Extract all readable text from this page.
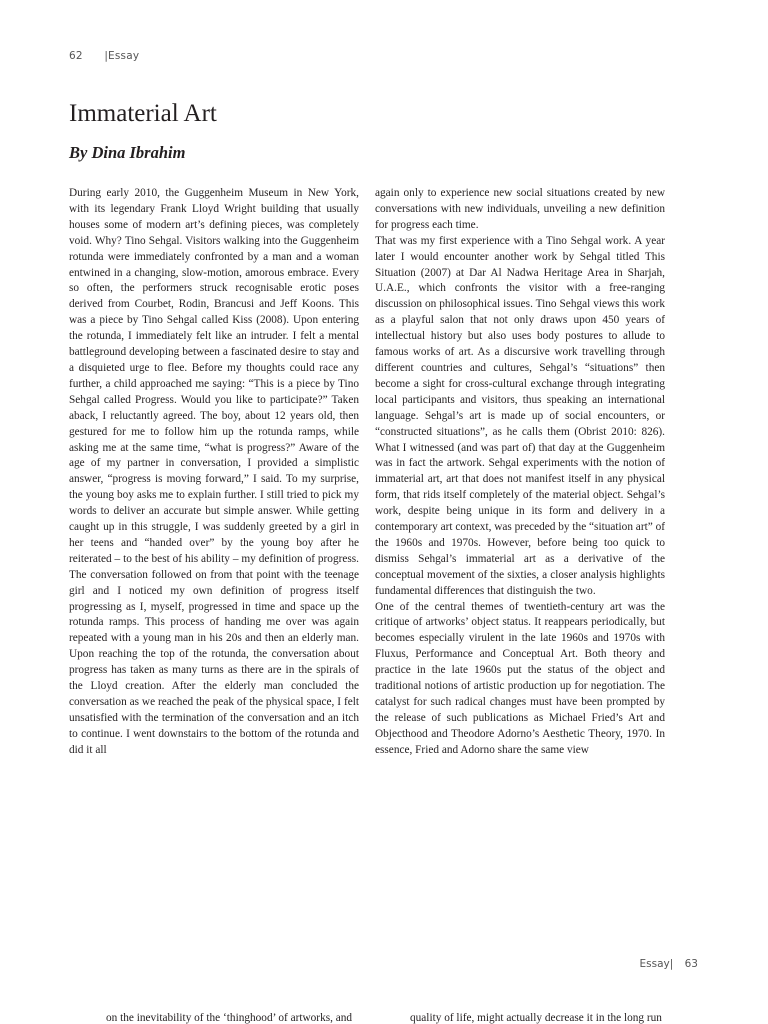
62 |Essay
Immaterial Art
By Dina Ibrahim

During early 2010, the Guggenheim Museum in New York, with its legendary Frank Lloyd Wright building that usually houses some of modern art’s defining pieces, was completely void. Why? Tino Sehgal. Visitors walking into the Guggenheim rotunda were immediately confronted by a man and a woman entwined in a changing, slow-motion, amorous embrace. Every so often, the performers struck recognisable erotic poses derived from Courbet, Rodin, Brancusi and Jeff Koons. This was a piece by Tino Sehgal called Kiss (2008). Upon entering the rotunda, I immediately felt like an intruder. I felt a mental battleground developing between a fascinated desire to stay and a disquieted urge to flee. Before my thoughts could race any further, a child approached me saying: “This is a piece by Tino Sehgal called Progress. Would you like to participate?” Taken aback, I reluctantly agreed. The boy, about 12 years old, then gestured for me to follow him up the rotunda ramps, while asking me at the same time, “what is progress?” Aware of the age of my partner in conversation, I provided a simplistic answer, “progress is moving forward,” I said. To my surprise, the young boy asks me to explain further. I still tried to pick my words to deliver an accurate but simple answer. While getting caught up in this struggle, I was suddenly greeted by a girl in her teens and “handed over” by the young boy after he reiterated – to the best of his ability – my definition of progress. The conversation followed on from that point with the teenage girl and I noticed my own definition of progress itself progressing as I, myself, progressed in time and space up the rotunda ramps. This process of handing me over was again repeated with a young man in his 20s and then an elderly man. Upon reaching the top of the rotunda, the conversation about progress has taken as many turns as there are in the spirals of the Lloyd creation. After the elderly man concluded the conversation as we reached the peak of the physical space, I felt unsatisfied with the termination of the conversation and an itch to continue. I went downstairs to the bottom of the rotunda and did it all

again only to experience new social situations created by new conversations with new individuals, unveiling a new definition for progress each time.

That was my first experience with a Tino Sehgal work. A year later I would encounter another work by Sehgal titled This Situation (2007) at Dar Al Nadwa Heritage Area in Sharjah, U.A.E., which confronts the visitor with a free-ranging discussion on philosophical issues. Tino Sehgal views this work as a playful salon that not only draws upon 450 years of intellectual history but also uses body postures to allude to famous works of art. As a discursive work travelling through different countries and cultures, Sehgal’s “situations” then become a sight for cross-cultural exchange through integrating local participants and visitors, thus speaking an international language. Sehgal’s art is made up of social encounters, or “constructed situations”, as he calls them (Obrist 2010: 826). What I witnessed (and was part of) that day at the Guggenheim was in fact the artwork. Sehgal experiments with the notion of immaterial art, art that does not manifest itself in any physical form, that rids itself completely of the material object. Sehgal’s work, despite being unique in its form and delivery in a contemporary art context, was preceded by the “situation art” of the 1960s and 1970s. However, before being too quick to dismiss Sehgal’s immaterial art as a derivative of the conceptual movement of the sixties, a closer analysis highlights fundamental differences that distinguish the two.

One of the central themes of twentieth-century art was the critique of artworks’ object status. It reappears periodically, but becomes especially virulent in the late 1960s and 1970s with Fluxus, Performance and Conceptual Art. Both theory and practice in the late 1960s put the status of the object and traditional notions of artistic production up for negotiation. The catalyst for such radical changes must have been prompted by the release of such publications as Michael Fried’s Art and Objecthood and Theodore Adorno’s Aesthetic Theory, 1970. In essence, Fried and Adorno share the same view

Essay| 63
on the inevitability of the ‘thinghood’ of artworks, and	quality of life, might actually decrease it in the long run
